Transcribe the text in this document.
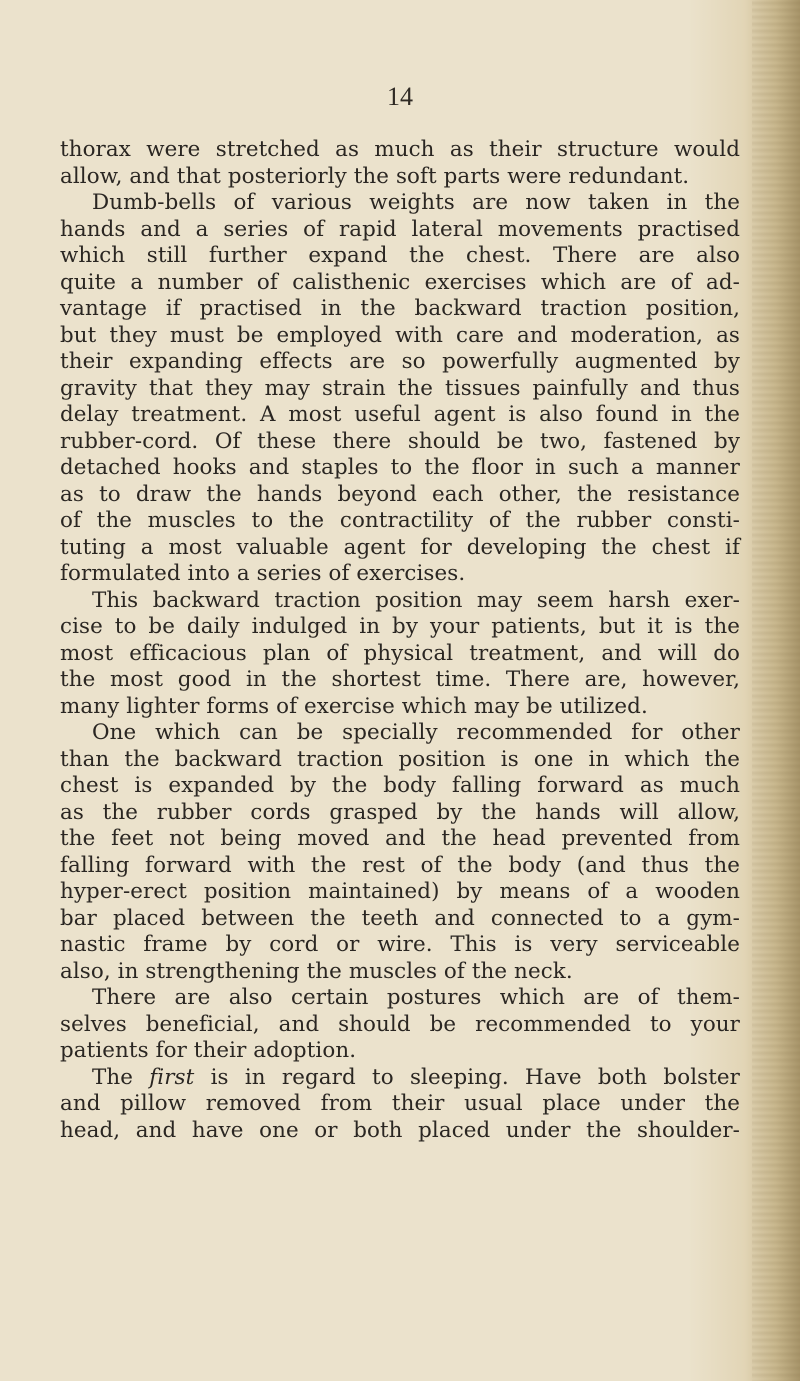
14
thorax were stretched as much as their structure would
allow, and that posteriorly the soft parts were redundant.
Dumb-bells of various weights are now taken in the
hands and a series of rapid lateral movements practised
which still further expand the chest. There are also
quite a number of calisthenic exercises which are of ad-
vantage if practised in the backward traction position,
but they must be employed with care and moderation, as
their expanding effects are so powerfully augmented by
gravity that they may strain the tissues painfully and thus
delay treatment. A most useful agent is also found in the
rubber-cord. Of these there should be two, fastened by
detached hooks and staples to the floor in such a manner
as to draw the hands beyond each other, the resistance
of the muscles to the contractility of the rubber consti-
tuting a most valuable agent for developing the chest if
formulated into a series of exercises.
This backward traction position may seem harsh exer-
cise to be daily indulged in by your patients, but it is the
most efficacious plan of physical treatment, and will do
the most good in the shortest time. There are, however,
many lighter forms of exercise which may be utilized.
One which can be specially recommended for other
than the backward traction position is one in which the
chest is expanded by the body falling forward as much
as the rubber cords grasped by the hands will allow,
the feet not being moved and the head prevented from
falling forward with the rest of the body (and thus the
hyper-erect position maintained) by means of a wooden
bar placed between the teeth and connected to a gym-
nastic frame by cord or wire. This is very serviceable
also, in strengthening the muscles of the neck.
There are also certain postures which are of them-
selves beneficial, and should be recommended to your
patients for their adoption.
The first is in regard to sleeping. Have both bolster
and pillow removed from their usual place under the
head, and have one or both placed under the shoulder-
